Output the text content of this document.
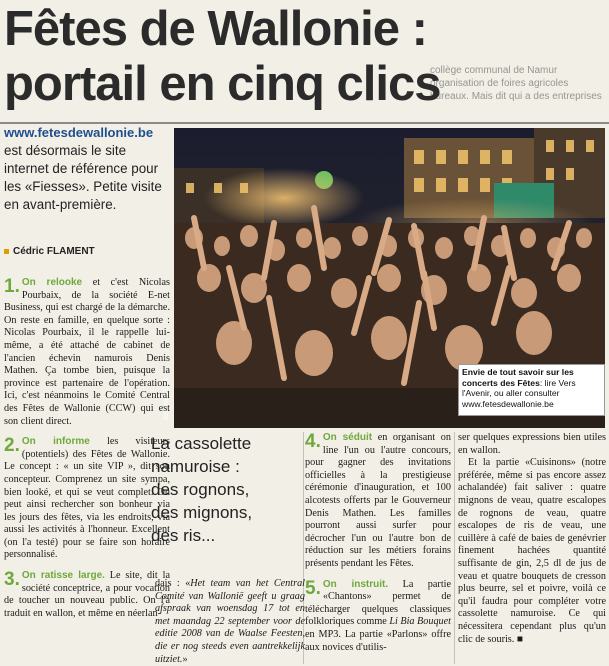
collège communal de Namur
organisation de foires agricoles
bureaux. Mais dit qui a des entreprises
Fêtes de Wallonie :
portail en cinq clics
www.fetesdewallonie.be
est désormais le site internet de référence pour les «Fiesses». Petite visite en avant-première.
Cédric FLAMENT
Archives EdA
Envie de tout savoir sur les concerts des Fêtes: lire Vers l'Avenir, ou aller consulter
www.fetesdewallonie.be

1. On relooke et c'est Nicolas Pourbaix, de la société E-net Business, qui est chargé de la démarche. On reste en famille, en quelque sorte : Nicolas Pourbaix, il le rappelle lui-même, a été attaché de cabinet de l'ancien échevin namurois Denis Mathen. Ça tombe bien, puisque la province est partenaire de l'opération. Ici, c'est néanmoins le Comité Central des Fêtes de Wallonie (CCW) qui est son client direct.

2. On informe les visiteurs (potentiels) des Fêtes de Wallonie. Le concept : « un site VIP », dit son concepteur. Comprenez un site sympa, bien looké, et qui se veut complet. On peut ainsi rechercher son bonheur via les jours des fêtes, via les endroits, via aussi les activités à l'honneur. Excellent (on l'a testé) pour se faire son horaire personnalisé.

3. On ratisse large. Le site, dit la société conceptrice, a pour vocation de toucher un nouveau public. On l'a traduit en wallon, et même en néerlan-

La cassolette
namuroise :
des rognons,
des mignons,
des ris...

dais : «Het team van het Central Comité van Wallonië geeft u graag afspraak van woensdag 17 tot en met maandag 22 september voor de editie 2008 van de Waalse Feesten, die er nog steeds even aantrekkelijk uitziet.»

4. On séduit en organisant on line l'un ou l'autre concours, pour gagner des invitations officielles à la prestigieuse cérémonie d'inauguration, et 100 alcotests offerts par le Gouverneur Denis Mathen. Les familles pourront aussi surfer pour décrocher l'un ou l'autre bon de réduction sur les métiers forains présents pendant les Fêtes.

5. On instruit. La partie «Chantons» permet de télécharger quelques classiques folkloriques comme Li Bia Bouquet en MP3. La partie «Parlons» offre aux novices d'utilis-

ser quelques expressions bien utiles en wallon.

Et la partie «Cuisinons» (notre préférée, même si pas encore assez achalandée) fait saliver : quatre mignons de veau, quatre escalopes de rognons de veau, quatre escalopes de ris de veau, une cuillère à café de baies de genévrier finement hachées quantité suffisante de gin, 2,5 dl de jus de veau et quatre bouquets de cresson plus beurre, sel et poivre, voilà ce qu'il faudra pour compléter votre cassolette namuroise. Ce qui nécessitera cependant plus qu'un clic de souris. ■
